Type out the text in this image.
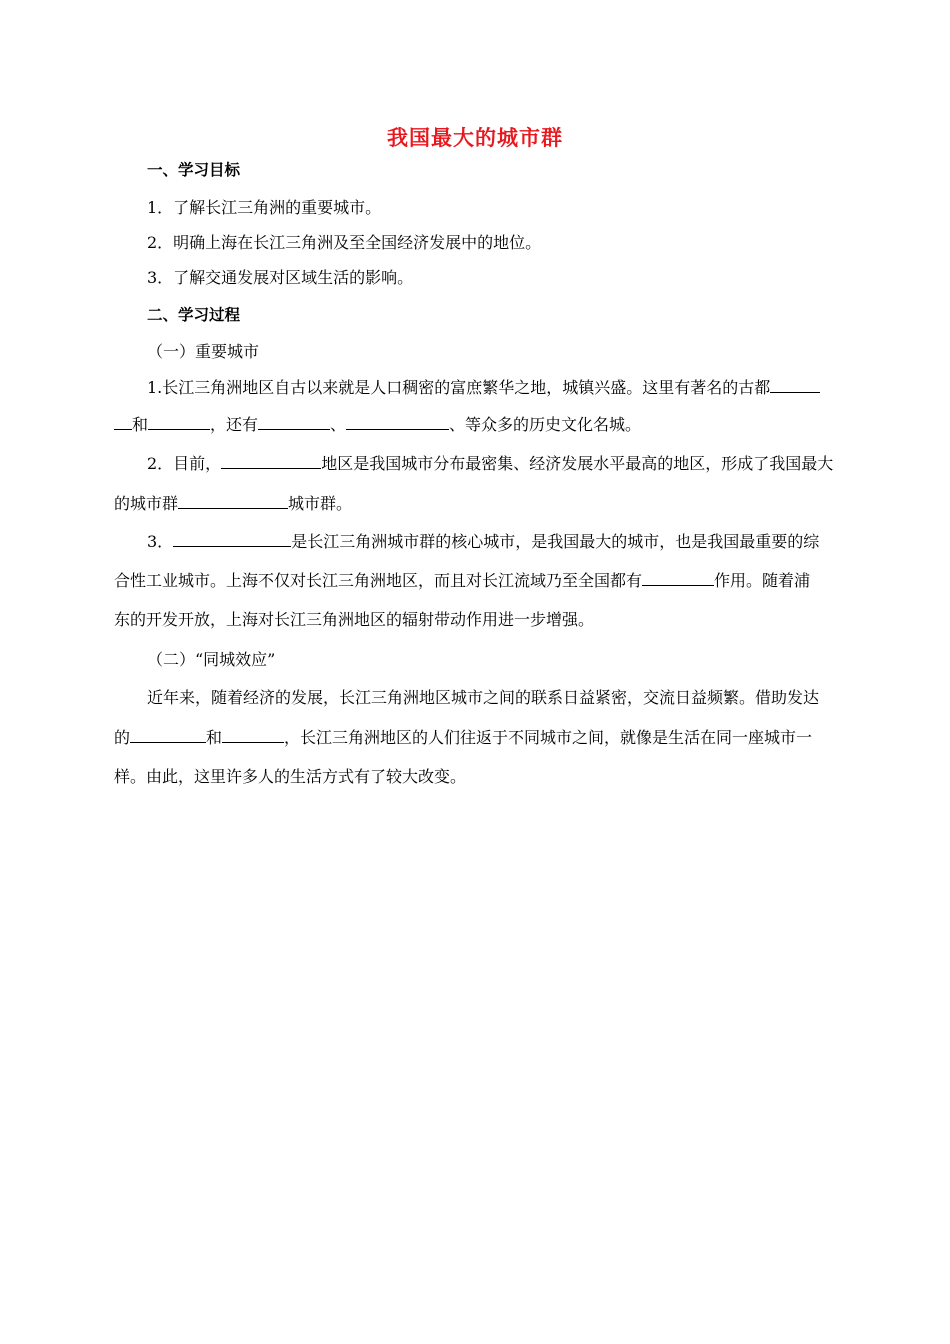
我国最大的城市群
一、学习目标
1．了解长江三角洲的重要城市。
2．明确上海在长江三角洲及至全国经济发展中的地位。
3．了解交通发展对区域生活的影响。
二、学习过程
（一）重要城市
1.长江三角洲地区自古以来就是人口稠密的富庶繁华之地，城镇兴盛。这里有著名的古都
和	，还有	、	、等众多的历史文化名城。
2．目前，	地区是我国城市分布最密集、经济发展水平最高的地区，形成了我国最大
的城市群	城市群。
3．	是长江三角洲城市群的核心城市，是我国最大的城市，也是我国最重要的综
合性工业城市。上海不仅对长江三角洲地区，而且对长江流域乃至全国都有	作用。随着浦
东的开发开放，上海对长江三角洲地区的辐射带动作用进一步增强。
（二）“同城效应”
近年来，随着经济的发展，长江三角洲地区城市之间的联系日益紧密，交流日益频繁。借助发达
的	和	，长江三角洲地区的人们往返于不同城市之间，就像是生活在同一座城市一
样。由此，这里许多人的生活方式有了较大改变。
